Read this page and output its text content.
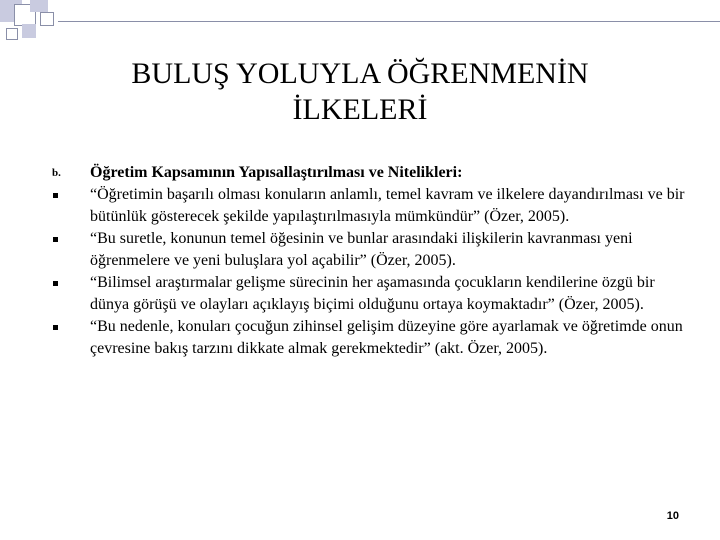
BULUŞ YOLUYLA ÖĞRENMENİN
İLKELERİ
b.	Öğretim Kapsamının Yapısallaştırılması ve Nitelikleri:
“Öğretimin başarılı olması konuların anlamlı, temel kavram ve ilkelere dayandırılması ve bir bütünlük gösterecek şekilde yapılaştırılmasıyla mümkündür” (Özer, 2005).
“Bu suretle, konunun temel öğesinin ve bunlar arasındaki ilişkilerin kavranması yeni öğrenmelere ve yeni buluşlara yol açabilir” (Özer, 2005).
“Bilimsel araştırmalar gelişme sürecinin her aşamasında çocukların kendilerine özgü bir dünya görüşü ve olayları açıklayış biçimi olduğunu ortaya koymaktadır” (Özer, 2005).
“Bu nedenle, konuları çocuğun zihinsel gelişim düzeyine göre ayarlamak ve öğretimde onun çevresine bakış tarzını dikkate almak gerekmektedir” (akt. Özer, 2005).
10
